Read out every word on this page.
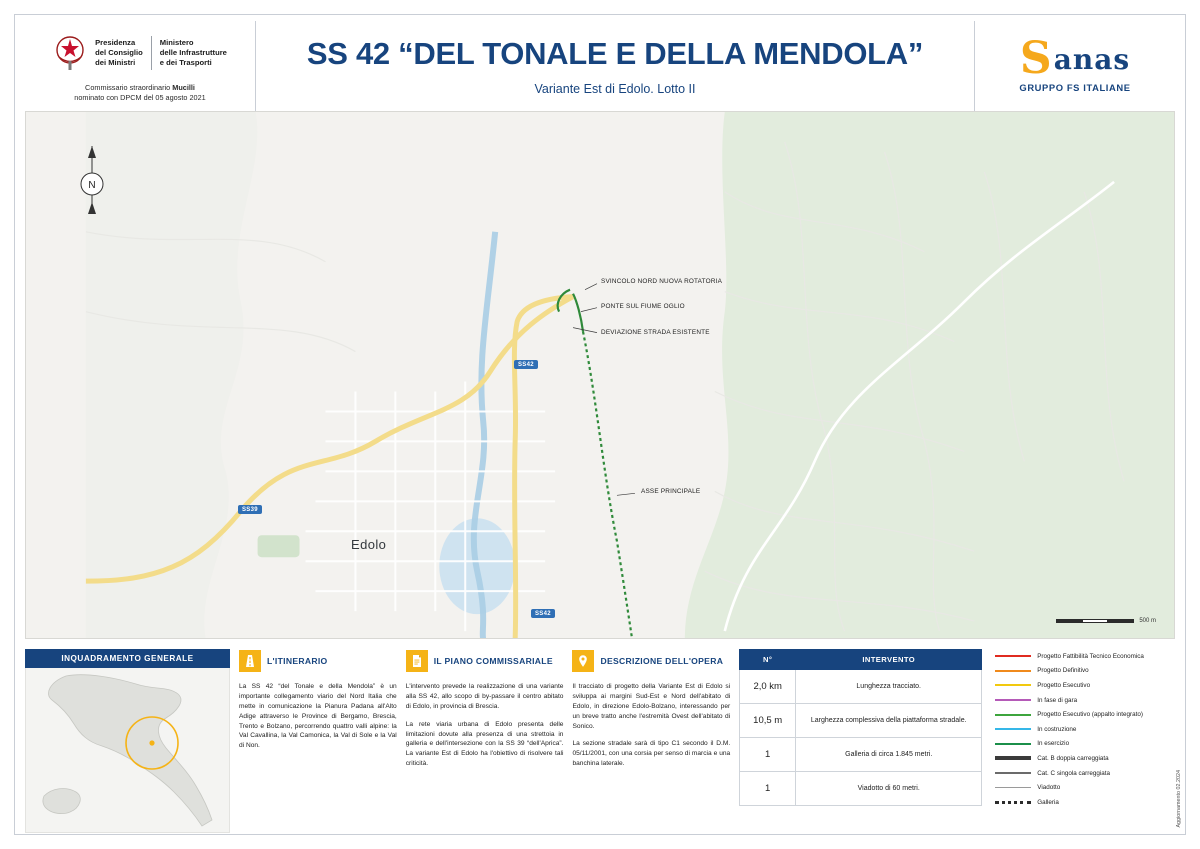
Presidenza
del Consiglio
dei Ministri
Ministero
delle Infrastrutture
e dei Trasporti
Commissario straordinario Mucilli
nominato con DPCM del 05 agosto 2021
SS 42 “DEL TONALE E DELLA MENDOLA”
Variante Est di Edolo. Lotto II
S anas
GRUPPO FS ITALIANE
N
SVINCOLO NORD NUOVA ROTATORIA
PONTE SUL FIUME OGLIO
DEVIAZIONE STRADA ESISTENTE
ASSE PRINCIPALE
Edolo
SS42
SS39
SS42
500 m
INQUADRAMENTO GENERALE	L'ITINERARIO

La SS 42 “del Tonale e della Mendola” è un importante collegamento viario del Nord Italia che mette in comunicazione la Pianura Padana all'Alto Adige attraverso le Province di Bergamo, Brescia, Trento e Bolzano, percorrendo quattro valli alpine: la Val Cavallina, la Val Camonica, la Val di Sole e la Val di Non.

IL PIANO COMMISSARIALE

L'intervento prevede la realizzazione di una variante alla SS 42, allo scopo di by-passare il centro abitato di Edolo, in provincia di Brescia.

La rete viaria urbana di Edolo presenta delle limitazioni dovute alla presenza di una strettoia in galleria e dell'intersezione con la SS 39 “dell'Aprica”. La variante Est di Edolo ha l'obiettivo di risolvere tali criticità.

DESCRIZIONE DELL'OPERA

Il tracciato di progetto della Variante Est di Edolo si sviluppa ai margini Sud-Est e Nord dell'abitato di Edolo, in direzione Edolo-Bolzano, interessando per un breve tratto anche l'estremità Ovest dell'abitato di Sonico.

La sezione stradale sarà di tipo C1 secondo il D.M. 05/11/2001, con una corsia per senso di marcia e una banchina laterale.

N°	INTERVENTO
2,0 km	Lunghezza tracciato.
10,5 m	Larghezza complessiva della piattaforma stradale.
1	Galleria di circa 1.845 metri.
1	Viadotto di 60 metri.
Progetto Fattibilità Tecnico Economica
Progetto Definitivo
Progetto Esecutivo
In fase di gara
Progetto Esecutivo (appalto integrato)
In costruzione
In esercizio
Cat. B doppia carreggiata
Cat. C singola carreggiata
Viadotto
Galleria	Aggiornamento 02.2024
